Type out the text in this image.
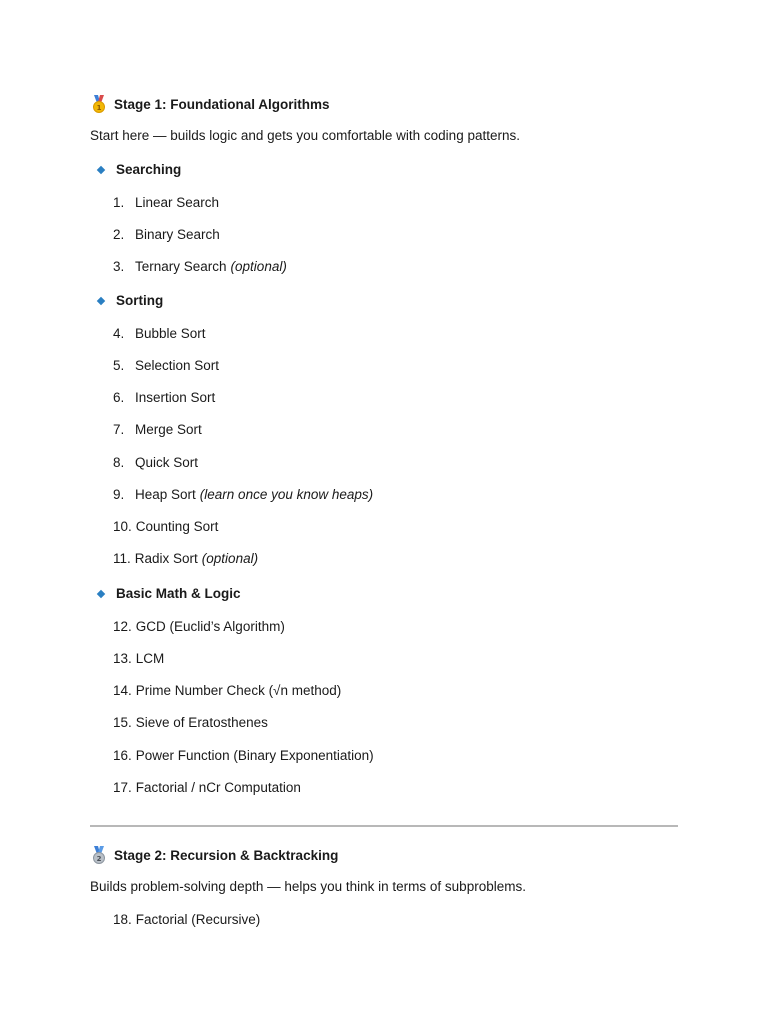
1 Stage 1: Foundational Algorithms
Start here — builds logic and gets you comfortable with coding patterns.
Searching
1. Linear Search
2. Binary Search
3. Ternary Search (optional)
Sorting
4. Bubble Sort
5. Selection Sort
6. Insertion Sort
7. Merge Sort
8. Quick Sort
9. Heap Sort (learn once you know heaps)
10. Counting Sort
11. Radix Sort (optional)
Basic Math & Logic
12. GCD (Euclid’s Algorithm)
13. LCM
14. Prime Number Check (√n method)
15. Sieve of Eratosthenes
16. Power Function (Binary Exponentiation)
17. Factorial / nCr Computation
2 Stage 2: Recursion & Backtracking
Builds problem-solving depth — helps you think in terms of subproblems.
18. Factorial (Recursive)
